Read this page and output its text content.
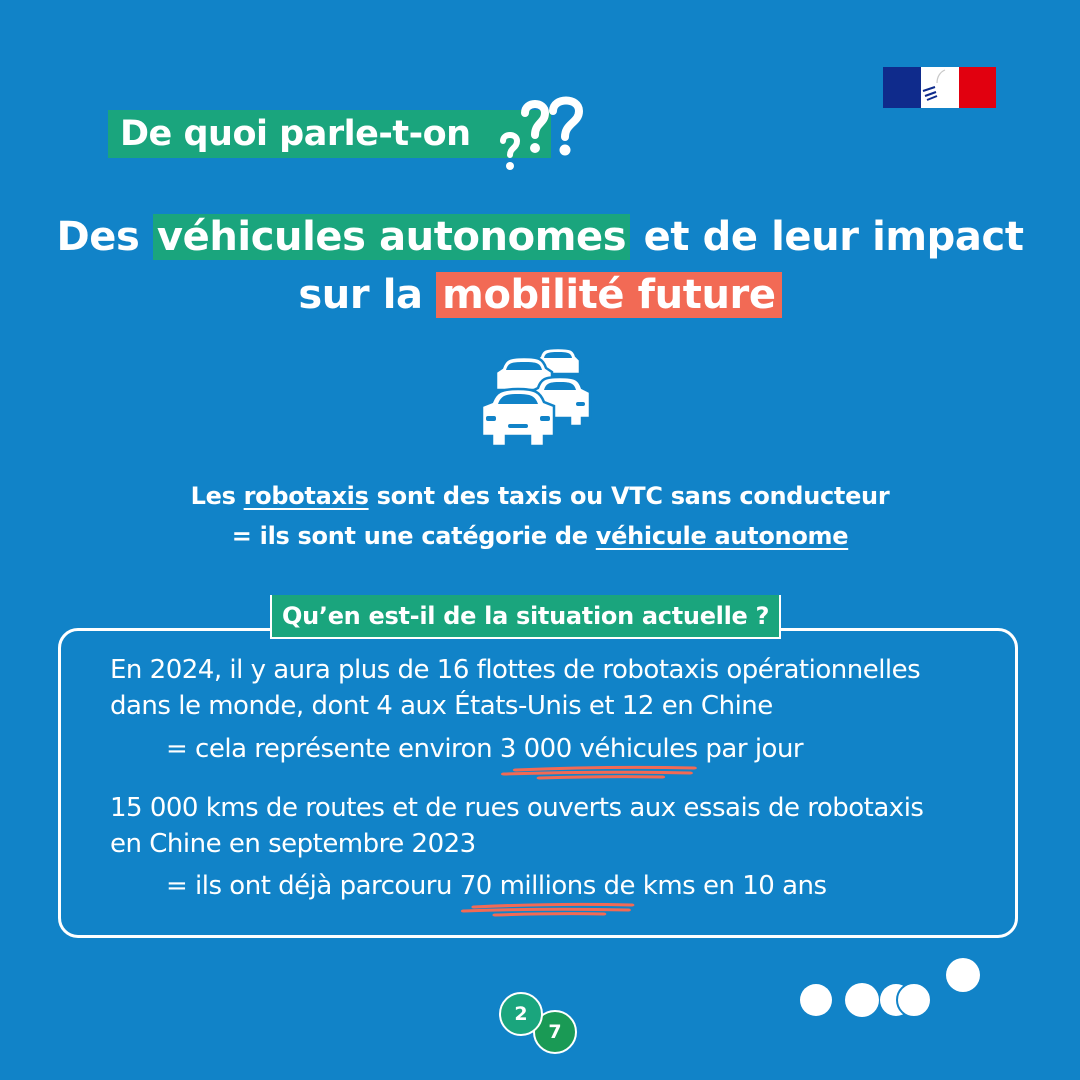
De quoi parle-t-on
Des véhicules autonomes et de leur impact
sur la mobilité future
Les robotaxis sont des taxis ou VTC sans conducteur
= ils sont une catégorie de véhicule autonome
Qu’en est-il de la situation actuelle ?
En 2024, il y aura plus de 16 flottes de robotaxis opérationnelles
dans le monde, dont 4 aux États-Unis et 12 en Chine
= cela représente environ 3 000 véhicules par jour
15 000 kms de routes et de rues ouverts aux essais de robotaxis
en Chine en septembre 2023
= ils ont déjà parcouru 70 millions de kms en 10 ans
7
2
